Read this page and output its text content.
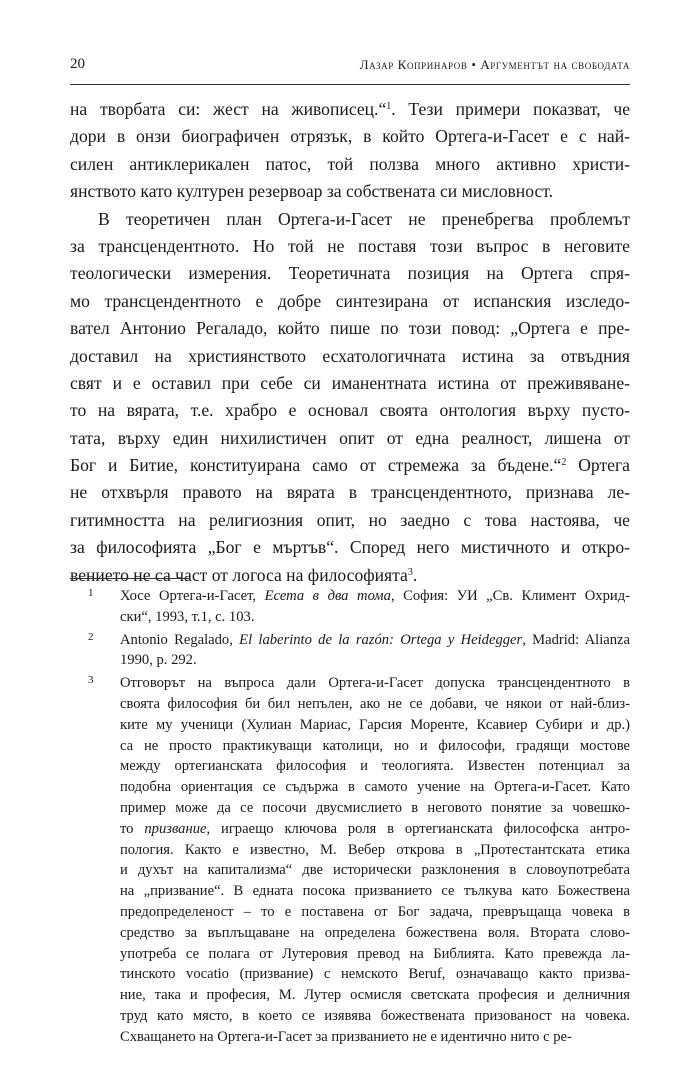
20	Лазар Копринаров • Аргументът на свободата
на творбата си: жест на живописец.“$^1$. Тези примери показват, че
дори в онзи биографичен отрязък, в който Ортега-и-Гасет е с най-
силен антиклерикален патос, той ползва много активно христи-
янството като културен резервоар за собствената си мисловност.
В теоретичен план Ортега-и-Гасет не пренебрегва проблемът
за трансцендентното. Но той не поставя този въпрос в неговите
теологически измерения. Теоретичната позиция на Ортега спря-
мо трансцендентното е добре синтезирана от испанския изследо-
вател Антонио Регаладо, който пише по този повод: „Ортега е пре-
доставил на християнството есхатологичната истина за отвъдния
свят и е оставил при себе си иманентната истина от преживяване-
то на вярата, т.е. храбро е основал своята онтология върху пусто-
тата, върху един нихилистичен опит от една реалност, лишена от
Бог и Битие, конституирана само от стремежа за бъдене.“$^2$ Ортега
не отхвърля правото на вярата в трансцендентното, признава ле-
гитимността на религиозния опит, но заедно с това настоява, че
за философията „Бог е мъртъв“. Според него мистичното и откро-
вението не са част от логоса на философията$^3$.
1 Хосе Ортега-и-Гасет, Есета в два тома, София: УИ „Св. Климент Охрид-
ски“, 1993, т.1, с. 103.
2 Antonio Regalado, El laberinto de la razón: Ortega y Heidegger, Madrid: Alianza
1990, p. 292.
3 Отговорът на въпроса дали Ортега-и-Гасет допуска трансцендентното в
своята философия би бил непълен, ако не се добави, че някои от най-близ-
ките му ученици (Хулиан Мариас, Гарсия Моренте, Ксавиер Субири и др.)
са не просто практикуващи католици, но и философи, градящи мостове
между ортегианската философия и теологията. Известен потенциал за
подобна ориентация се съдържа в самото учение на Ортега-и-Гасет. Като
пример може да се посочи двусмислието в неговото понятие за човешко-
то призвание, играещо ключова роля в ортегианската философска антро-
пология. Както е известно, М. Вебер открова в „Протестантската етика
и духът на капитализма“ две исторически разклонения в словоупотребата
на „призвание“. В едната посока призванието се тълкува като Божествена
предопределеност – то е поставена от Бог задача, превръщаща човека в
средство за въплъщаване на определена божествена воля. Втората слово-
употреба се полага от Лутеровия превод на Библията. Като превежда ла-
тинското vocatio (призвание) с немското Beruf, означаващо както призва-
ние, така и професия, М. Лутер осмисля светската професия и делничния
труд като място, в което се изявява божествената призованост на човека.
Схващането на Ортега-и-Гасет за призванието не е идентично нито с ре-
